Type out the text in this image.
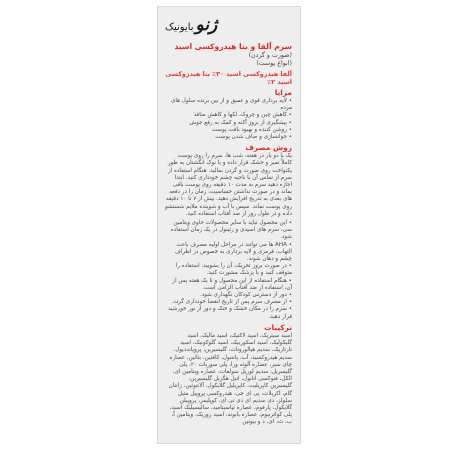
ژنو
بایونیک
سرم آلفا و بتا هیدروکسی اسید
(صورت و گردن)
(انواع پوست)
آلفا هیدروکسی اسید ۳۰٪ بتا هیدروکسی اسید ۲٪
مزایا
• لایه برداری قوی و عمیق و از بین برنده سلول های مرده
• کاهش چین و چروک، لکها و کاهش منافذ
• پیشگیری از بروز آکنه و کمک به رفع جوش
• روشن کننده و بهبود بافت پوست
• جوانسازی و صاف شدن پوست
روش مصرف

یک یا دو بار در هفته، شب ها، سرم را روی پوست کاملاً تمیز و خشک قرار داده و با نوک انگشتان به طور یکنواخت روی صورت و گردن بمالید. هنگام استفاده از سرم از تماس آن با ناحیه چشم خودداری کنید. ابتدا اجازه دهید سرم به مدت ۱۰ دقیقه روی پوست باقی بماند و در صورت نداشتن حساسیت، زمان را در دفعه های بعدی به تدریج افزایش دهید. بیش از ۷ تا ۱۰ دقیقه روی پوست نماند. سپس با آب و شوینده ملایم شستشو داده و در طول روز از ضد آفتاب استفاده کنید.

• این محصول نباید با سایر محصولات حاوی ویتامین سی، سرم های اسیدی و رتینول در یک زمان استفاده شود.
• AHA ها می توانند در مراحل اولیه مصرف باعث التهاب، قرمزی و لایه برداری به خصوص در اطراف چشم و دهان شوند.
• در صورت بروز تحریک، آن را بشویید، استفاده را متوقف کنید و با پزشک مشورت کنید.
• هنگام استفاده از این محصول و تا یک هفته پس از آن، استفاده از ضد آفتاب الزامی است.
• دور از دسترس کودکان نگهداری شود.
• از مصرف سرم پس از تاریخ انقضا خودداری گردد.
• سرم را در مکان خشک و خنک و دور از نور خورشید قرار دهید.
ترکیبات

اسید سیتریک، اسید لاکتیک، اسید مالیک، اسید گلیکولیک، اسید اسکوربیک، اسید گلوکونیک، اسید تارتاریک، سدیم هیالورونات، گلیسیرین، پروپانددیول، سدیم هیدروکسید، آب، پانتنول، کافئین، بتائین، عصاره چای سبز، عصاره آلوئه ورا، پلی سوربات ۲۰، پلی گلیسریل، سدیم لوریل سولفات، عصاره ویتامین ای، الکل، فنوکسی اتانول، اتیل هگزیل گلیسیرین، گلیسیرین کاپریلیت، کاپریلیل گلایکول، آلانتوئین، زانتان گام، اکریلات، پی ای جی، هیدروکسی پروپیل متیل سلولز، دی سدیم ای دی تی ای، کوپلیمر، پروپیلن گلایکول، پارفوم، عصاره نیاسینامید، سالیسیلیک اسید، پلی کواترنیوم، عصاره بابونه، اسید زوریک، ویتامین آ، ب، ث، ای، د و بیوتین
